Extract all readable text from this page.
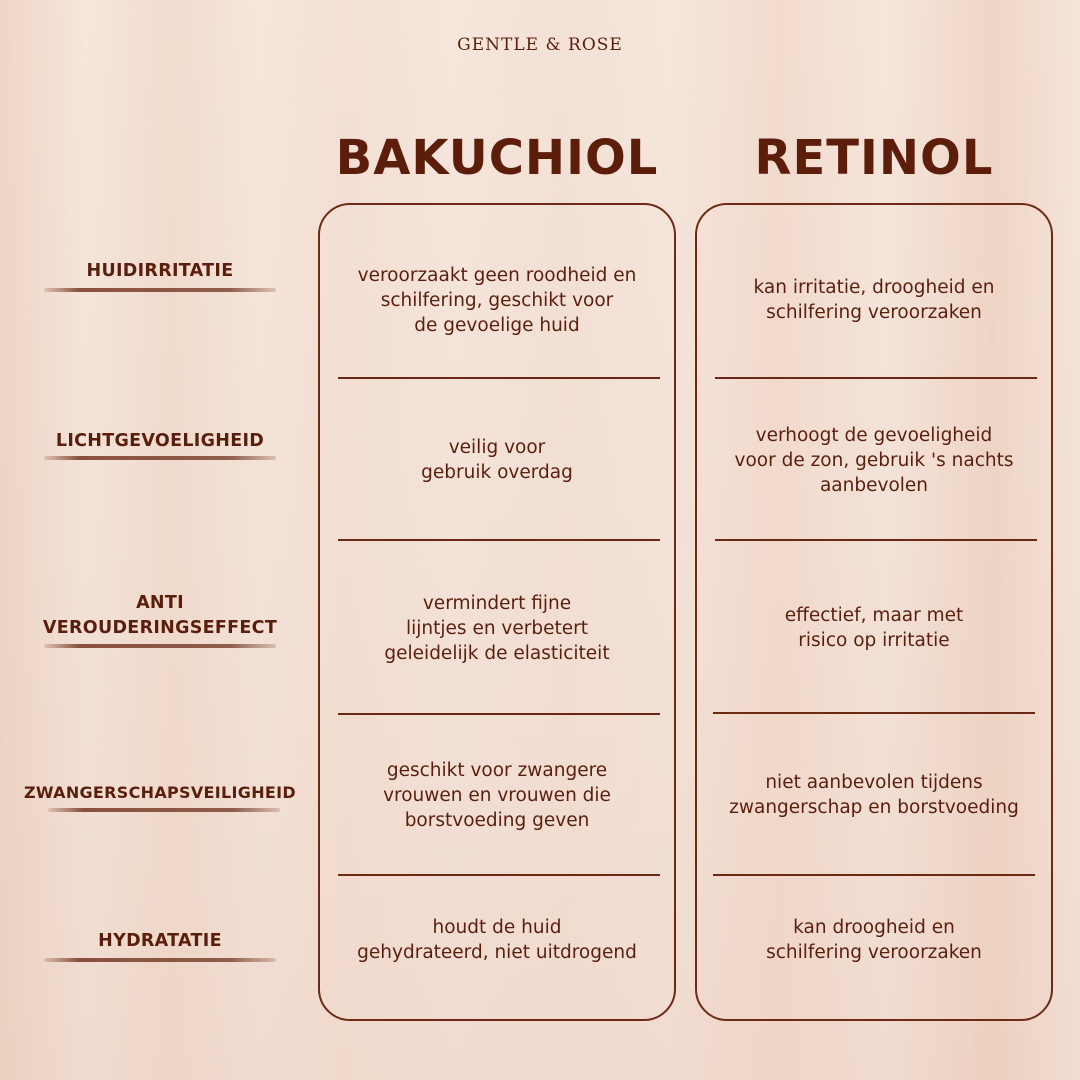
GENTLE & ROSE
BAKUCHIOL	RETINOL
HUIDIRRITATIE
LICHTGEVOELIGHEID
ANTI
VEROUDERINGSEFFECT
ZWANGERSCHAPSVEILIGHEID
HYDRATATIE
veroorzaakt geen roodheid en
schilfering, geschikt voor
de gevoelige huid
veilig voor
gebruik overdag
vermindert fijne
lijntjes en verbetert
geleidelijk de elasticiteit
geschikt voor zwangere
vrouwen en vrouwen die
borstvoeding geven
houdt de huid
gehydrateerd, niet uitdrogend
kan irritatie, droogheid en
schilfering veroorzaken
verhoogt de gevoeligheid
voor de zon, gebruik 's nachts
aanbevolen
effectief, maar met
risico op irritatie
niet aanbevolen tijdens
zwangerschap en borstvoeding
kan droogheid en
schilfering veroorzaken
